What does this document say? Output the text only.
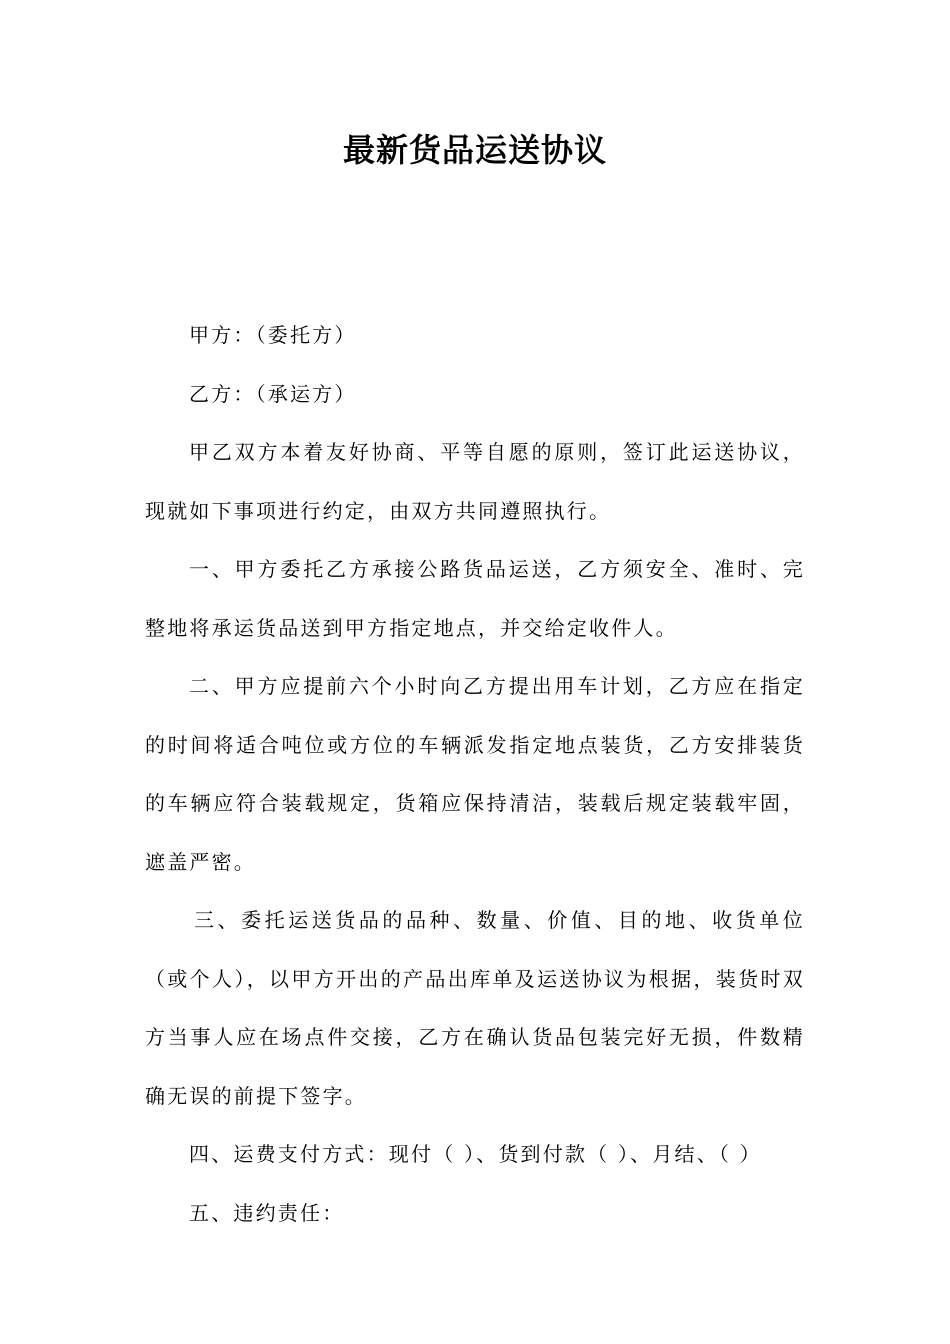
最新货品运送协议

甲方：（委托方）

乙方：（承运方）

甲乙双方本着友好协商、平等自愿的原则，签订此运送协议，现就如下事项进行约定，由双方共同遵照执行。

一、甲方委托乙方承接公路货品运送，乙方须安全、准时、完整地将承运货品送到甲方指定地点，并交给定收件人。

二、甲方应提前六个小时向乙方提出用车计划，乙方应在指定的时间将适合吨位或方位的车辆派发指定地点装货，乙方安排装货的车辆应符合装载规定，货箱应保持清洁，装载后规定装载牢固，遮盖严密。

三、委托运送货品的品种、数量、价值、目的地、收货单位（或个人），以甲方开出的产品出库单及运送协议为根据，装货时双方当事人应在场点件交接，乙方在确认货品包装完好无损，件数精确无误的前提下签字。

四、运费支付方式：现付（ ）、货到付款（ ）、月结、（ ）

五、违约责任：
